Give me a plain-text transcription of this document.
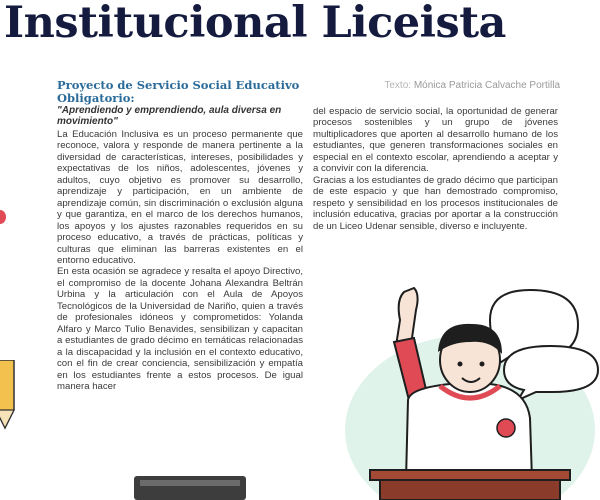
Institucional Liceista
Texto: Mónica Patricia Calvache Portilla

Proyecto de Servicio Social Educativo Obligatorio:

"Aprendiendo y emprendiendo, aula diversa en movimiento"

La Educación Inclusiva es un proceso permanente que reconoce, valora y responde de manera pertinente a la diversidad de características, intereses, posibilidades y expectativas de los niños, adolescentes, jóvenes y adultos, cuyo objetivo es promover su desarrollo, aprendizaje y participación, en un ambiente de aprendizaje común, sin discriminación o exclusión alguna y que garantiza, en el marco de los derechos humanos, los apoyos y los ajustes razonables requeridos en su proceso educativo, a través de prácticas, políticas y culturas que eliminan las barreras existentes en el entorno educativo.

En esta ocasión se agradece y resalta el apoyo Directivo, el compromiso de la docente Johana Alexandra Beltrán Urbina y la articulación con el Aula de Apoyos Tecnológicos de la Universidad de Nariño, quien a través de profesionales idóneos y comprometidos: Yolanda Alfaro y Marco Tulio Benavides, sensibilizan y capacitan a estudiantes de grado décimo en temáticas relacionadas a la discapacidad y la inclusión en el contexto educativo, con el fin de crear conciencia, sensibilización y empatía en los estudiantes frente a estos procesos. De igual manera hacer

del espacio de servicio social, la oportunidad de generar procesos sostenibles y un grupo de jóvenes multiplicadores que aporten al desarrollo humano de los estudiantes, que generen transformaciones sociales en especial en el contexto escolar, aprendiendo a aceptar y a convivir con la diferencia.

Gracias a los estudiantes de grado décimo que participan de este espacio y que han demostrado compromiso, respeto y sensibilidad en los procesos institucionales de inclusión educativa, gracias por aportar a la construcción de un Liceo Udenar sensible, diverso e incluyente.
